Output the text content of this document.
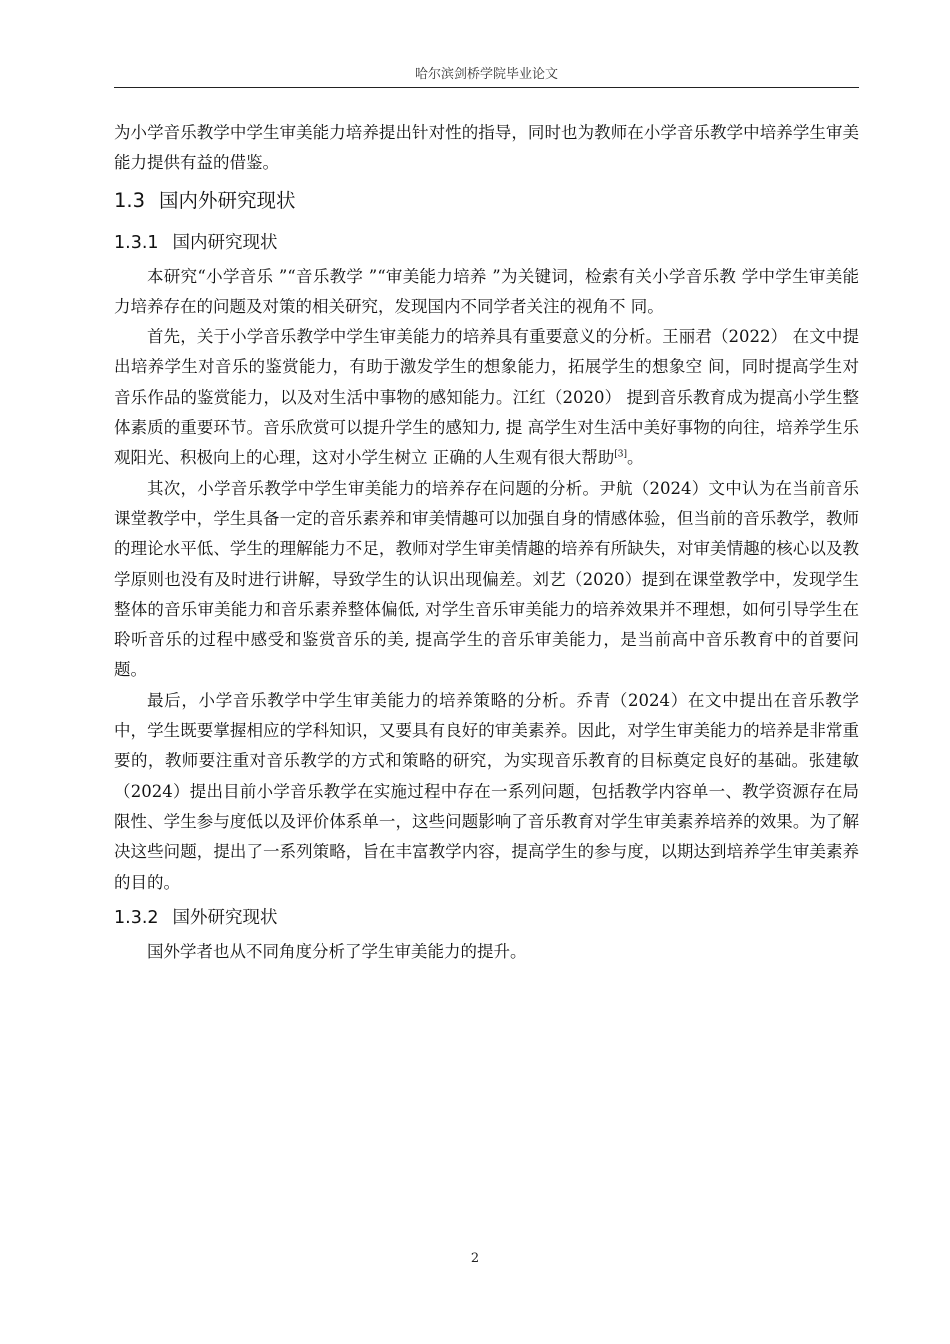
哈尔滨剑桥学院毕业论文

为小学音乐教学中学生审美能力培养提出针对性的指导，同时也为教师在小学音乐教学中培养学生审美能力提供有益的借鉴。

1.3 国内外研究现状
1.3.1 国内研究现状

本研究“小学音乐 ”“音乐教学 ”“审美能力培养 ”为关键词，检索有关小学音乐教 学中学生审美能力培养存在的问题及对策的相关研究，发现国内不同学者关注的视角不 同。

首先，关于小学音乐教学中学生审美能力的培养具有重要意义的分析。王丽君（2022） 在文中提出培养学生对音乐的鉴赏能力，有助于激发学生的想象能力，拓展学生的想象空 间，同时提高学生对音乐作品的鉴赏能力，以及对生活中事物的感知能力。江红（2020） 提到音乐教育成为提高小学生整体素质的重要环节。音乐欣赏可以提升学生的感知力, 提 高学生对生活中美好事物的向往，培养学生乐观阳光、积极向上的心理，这对小学生树立 正确的人生观有很大帮助[3]。

其次，小学音乐教学中学生审美能力的培养存在问题的分析。尹航（2024）文中认为在当前音乐课堂教学中，学生具备一定的音乐素养和审美情趣可以加强自身的情感体验，但当前的音乐教学，教师的理论水平低、学生的理解能力不足，教师对学生审美情趣的培养有所缺失，对审美情趣的核心以及教学原则也没有及时进行讲解，导致学生的认识出现偏差。刘艺（2020）提到在课堂教学中，发现学生整体的音乐审美能力和音乐素养整体偏低, 对学生音乐审美能力的培养效果并不理想，如何引导学生在聆听音乐的过程中感受和鉴赏音乐的美, 提高学生的音乐审美能力，是当前高中音乐教育中的首要问题。

最后，小学音乐教学中学生审美能力的培养策略的分析。乔青（2024）在文中提出在音乐教学中，学生既要掌握相应的学科知识，又要具有良好的审美素养。因此，对学生审美能力的培养是非常重要的，教师要注重对音乐教学的方式和策略的研究，为实现音乐教育的目标奠定良好的基础。张建敏（2024）提出目前小学音乐教学在实施过程中存在一系列问题，包括教学内容单一、教学资源存在局限性、学生参与度低以及评价体系单一，这些问题影响了音乐教育对学生审美素养培养的效果。为了解决这些问题，提出了一系列策略，旨在丰富教学内容，提高学生的参与度，以期达到培养学生审美素养的目的。

1.3.2 国外研究现状

国外学者也从不同角度分析了学生审美能力的提升。

2
